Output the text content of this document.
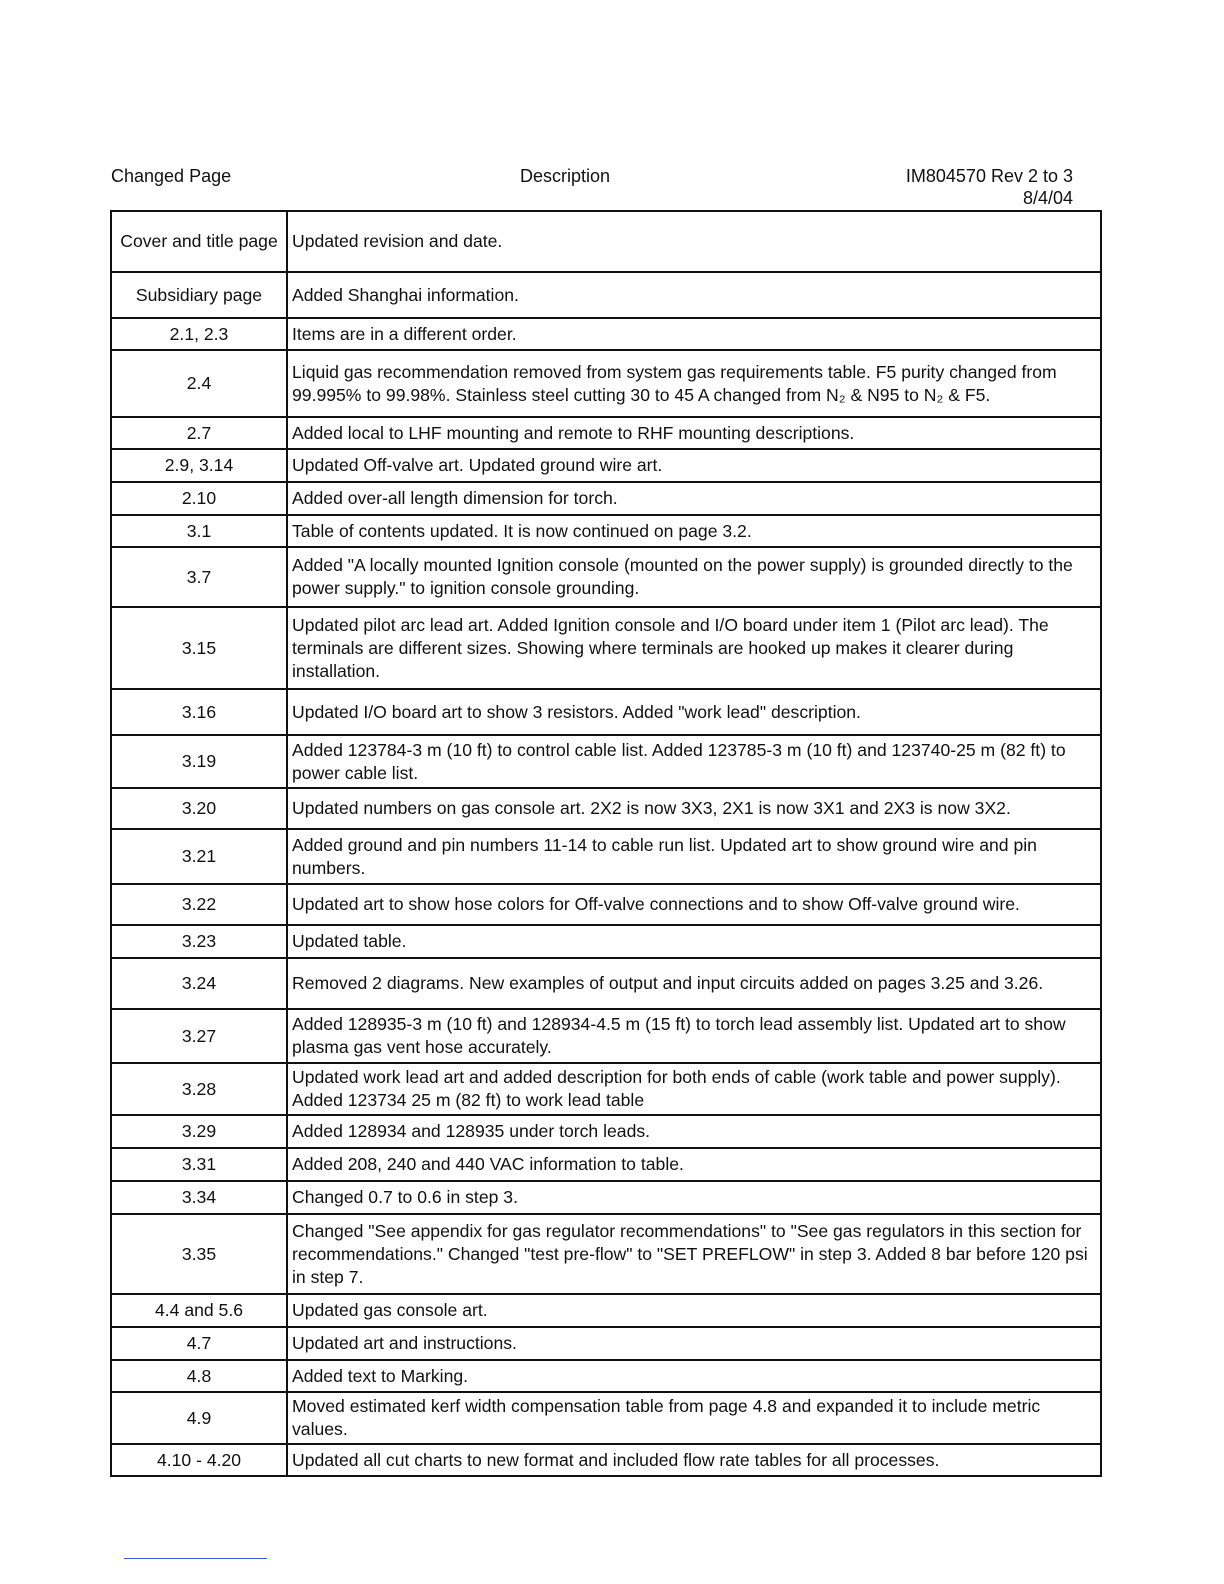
Changed Page	Description	IM804570 Rev 2 to 3
8/4/04
Cover and title page	Updated revision and date.
Subsidiary page	Added Shanghai information.
2.1, 2.3	Items are in a different order.
2.4	Liquid gas recommendation removed from system gas requirements table. F5 purity changed from 99.995% to 99.98%. Stainless steel cutting 30 to 45 A changed from N₂ & N95 to N₂ & F5.
2.7	Added local to LHF mounting and remote to RHF mounting descriptions.
2.9, 3.14	Updated Off-valve art. Updated ground wire art.
2.10	Added over-all length dimension for torch.
3.1	Table of contents updated. It is now continued on page 3.2.
3.7	Added "A locally mounted Ignition console (mounted on the power supply) is grounded directly to the power supply." to ignition console grounding.
3.15	Updated pilot arc lead art. Added Ignition console and I/O board under item 1 (Pilot arc lead). The terminals are different sizes. Showing where terminals are hooked up makes it clearer during installation.
3.16	Updated I/O board art to show 3 resistors. Added "work lead" description.
3.19	Added 123784-3 m (10 ft) to control cable list. Added 123785-3 m (10 ft) and 123740-25 m (82 ft) to power cable list.
3.20	Updated numbers on gas console art. 2X2 is now 3X3, 2X1 is now 3X1 and 2X3 is now 3X2.
3.21	Added ground and pin numbers 11-14 to cable run list. Updated art to show ground wire and pin numbers.
3.22	Updated art to show hose colors for Off-valve connections and to show Off-valve ground wire.
3.23	Updated table.
3.24	Removed 2 diagrams. New examples of output and input circuits added on pages 3.25 and 3.26.
3.27	Added 128935-3 m (10 ft) and 128934-4.5 m (15 ft) to torch lead assembly list. Updated art to show plasma gas vent hose accurately.
3.28	Updated work lead art and added description for both ends of cable (work table and power supply). Added 123734 25 m (82 ft) to work lead table
3.29	Added 128934 and 128935 under torch leads.
3.31	Added 208, 240 and 440 VAC information to table.
3.34	Changed 0.7 to 0.6 in step 3.
3.35	Changed "See appendix for gas regulator recommendations" to "See gas regulators in this section for recommendations." Changed "test pre-flow" to "SET PREFLOW" in step 3. Added 8 bar before 120 psi in step 7.
4.4 and 5.6	Updated gas console art.
4.7	Updated art and instructions.
4.8	Added text to Marking.
4.9	Moved estimated kerf width compensation table from page 4.8 and expanded it to include metric values.
4.10 - 4.20	Updated all cut charts to new format and included flow rate tables for all processes.
